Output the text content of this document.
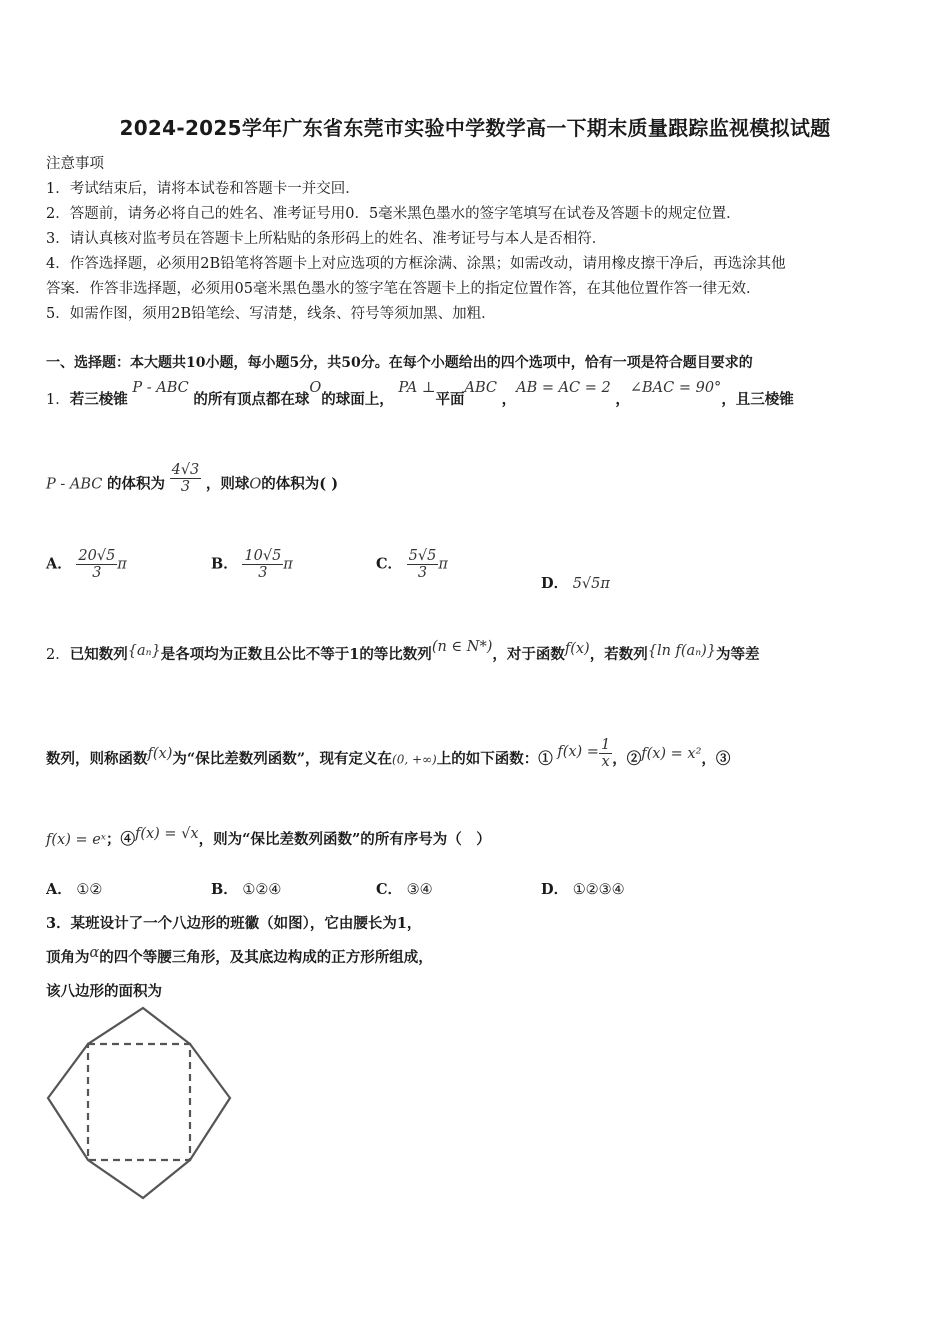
2024-2025学年广东省东莞市实验中学数学高一下期末质量跟踪监视模拟试题
注意事项
1．考试结束后，请将本试卷和答题卡一并交回．
2．答题前，请务必将自己的姓名、准考证号用0．5毫米黑色墨水的签字笔填写在试卷及答题卡的规定位置．
3．请认真核对监考员在答题卡上所粘贴的条形码上的姓名、准考证号与本人是否相符．
4．作答选择题，必须用2B铅笔将答题卡上对应选项的方框涂满、涂黑；如需改动，请用橡皮擦干净后，再选涂其他
答案．作答非选择题，必须用05毫米黑色墨水的签字笔在答题卡上的指定位置作答，在其他位置作答一律无效．
5．如需作图，须用2B铅笔绘、写清楚，线条、符号等须加黑、加粗．
一、选择题：本大题共10小题，每小题5分，共50分。在每个小题给出的四个选项中，恰有一项是符合题目要求的
1．若三棱锥 P - ABC 的所有顶点都在球O的球面上， PA ⊥平面ABC ，AB = AC = 2 ，∠BAC = 90°，且三棱锥
P - ABC 的体积为 $\frac{4√3}{3}$ ，则球O的体积为( )
A． $\frac{20√5}{3}$ π	B． $\frac{10√5}{3}$ π	C． $\frac{5√5}{3}$ π
D． 5√5π
2．已知数列{aₙ}是各项均为正数且公比不等于1的等比数列(n ∈ N*)，对于函数f(x)，若数列{ln f(aₙ)}为等差
数列，则称函数f(x)为“保比差数列函数”，现有定义在(0, +∞)上的如下函数：① $f(x) = \frac{1}{x}$ ，②f(x) = x²，③
f(x) = eˣ；④f(x) = √x，则为“保比差数列函数”的所有序号为（　）
A． ①②	B． ①②④	C． ③④	D． ①②③④
3．某班设计了一个八边形的班徽（如图），它由腰长为1，
顶角为α的四个等腰三角形，及其底边构成的正方形所组成，
该八边形的面积为
